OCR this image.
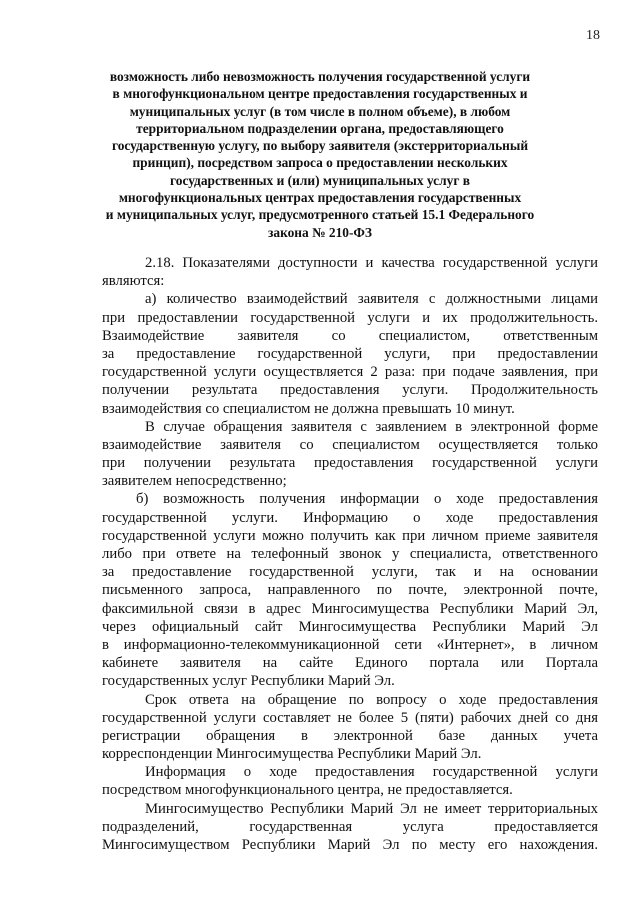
18
возможность либо невозможность получения государственной услуги
в многофункциональном центре предоставления государственных и
муниципальных услуг (в том числе в полном объеме), в любом
территориальном подразделении органа, предоставляющего
государственную услугу, по выбору заявителя (экстерриториальный
принцип), посредством запроса о предоставлении нескольких
государственных и (или) муниципальных услуг в
многофункциональных центрах предоставления государственных
и муниципальных услуг, предусмотренного статьей 15.1 Федерального
закона № 210-ФЗ
2.18. Показателями доступности и качества государственной услуги
являются:
а) количество взаимодействий заявителя с должностными лицами
при предоставлении государственной услуги и их продолжительность.
Взаимодействие заявителя со специалистом, ответственным
за предоставление государственной услуги, при предоставлении
государственной услуги осуществляется 2 раза: при подаче заявления, при
получении результата предоставления услуги. Продолжительность
взаимодействия со специалистом не должна превышать 10 минут.
В случае обращения заявителя с заявлением в электронной форме
взаимодействие заявителя со специалистом осуществляется только
при получении результата предоставления государственной услуги
заявителем непосредственно;
б) возможность получения информации о ходе предоставления
государственной услуги. Информацию о ходе предоставления
государственной услуги можно получить как при личном приеме заявителя
либо при ответе на телефонный звонок у специалиста, ответственного
за предоставление государственной услуги, так и на основании
письменного запроса, направленного по почте, электронной почте,
факсимильной связи в адрес Мингосимущества Республики Марий Эл,
через официальный сайт Мингосимущества Республики Марий Эл
в информационно-телекоммуникационной сети «Интернет», в личном
кабинете заявителя на сайте Единого портала или Портала
государственных услуг Республики Марий Эл.
Срок ответа на обращение по вопросу о ходе предоставления
государственной услуги составляет не более 5 (пяти) рабочих дней со дня
регистрации обращения в электронной базе данных учета
корреспонденции Мингосимущества Республики Марий Эл.
Информация о ходе предоставления государственной услуги
посредством многофункционального центра, не предоставляется.
Мингосимущество Республики Марий Эл не имеет территориальных
подразделений, государственная услуга предоставляется
Мингосимуществом Республики Марий Эл по месту его нахождения.
